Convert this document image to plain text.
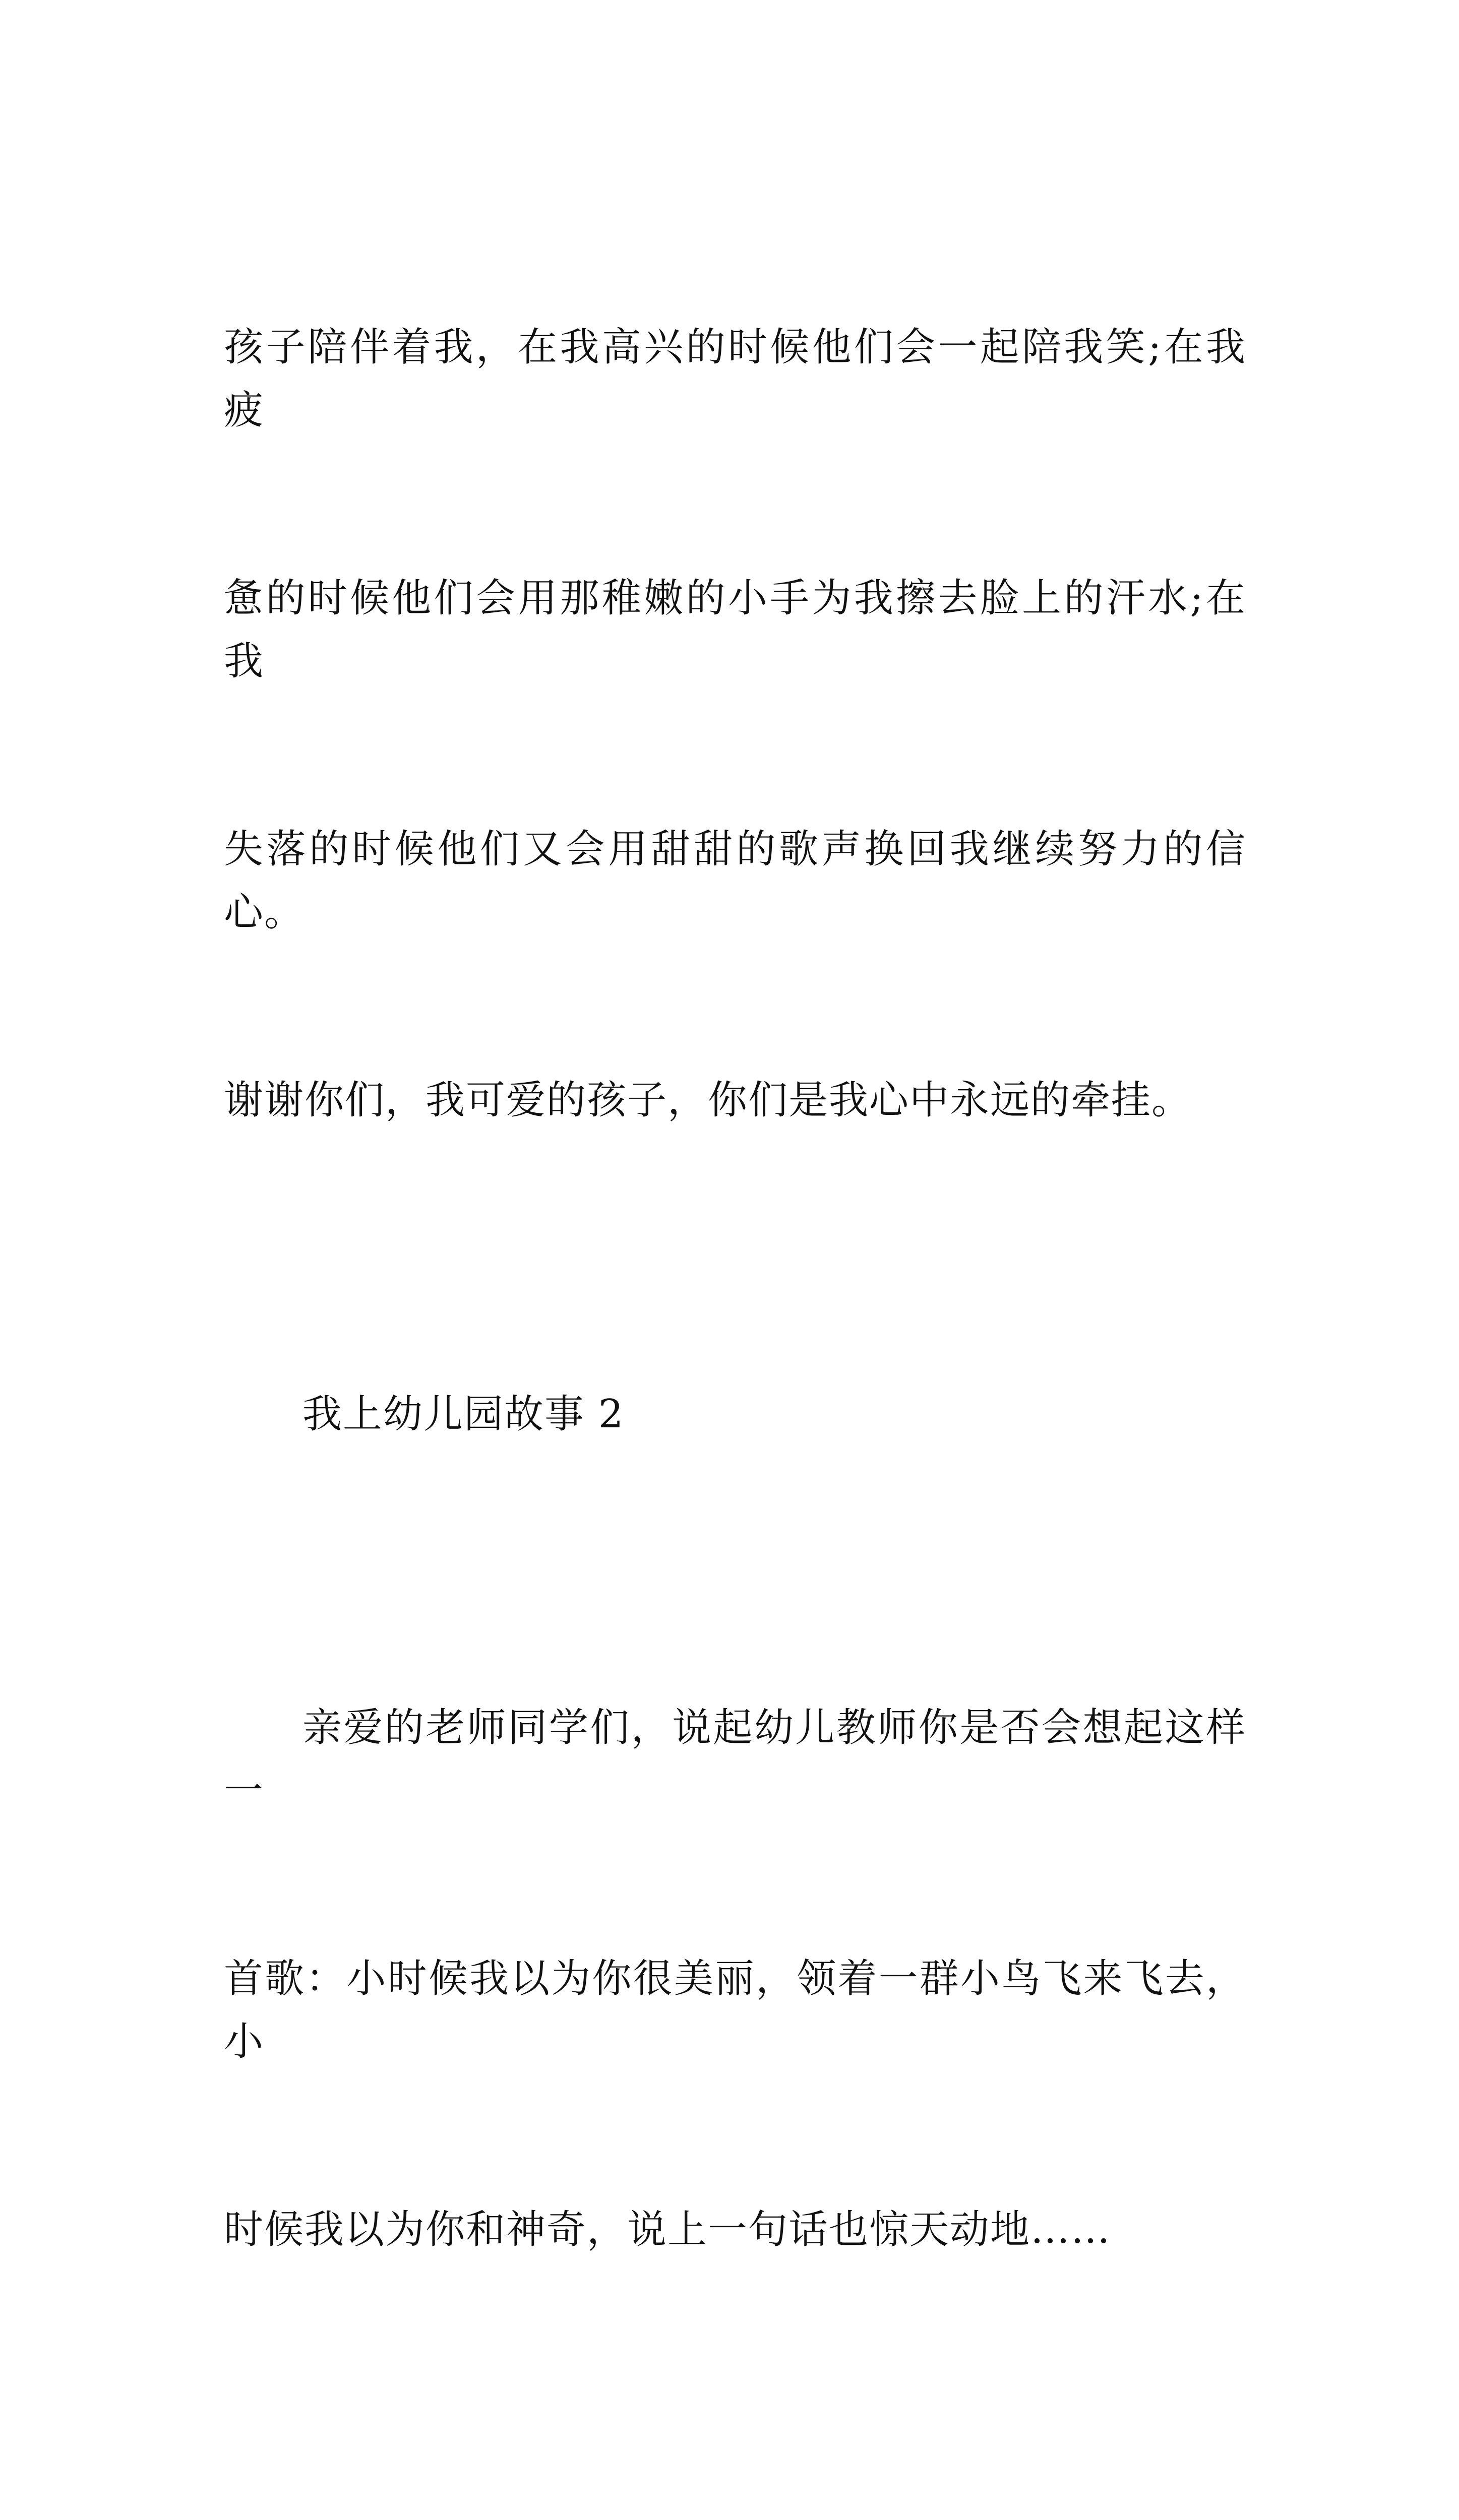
孩子陪伴着我，在我高兴的时候他们会一起陪我笑;在我疲

惫的时候他们会用那稚嫩的小手为我擦去脸上的汗水;在我

失落的时候他们又会用甜甜的歌声换回我继续努力的信心。

谢谢你们，我可爱的孩子，你们是我心中永远的牵挂。

我上幼儿园故事 2

亲爱的老师同学们，说起幼儿教师你是否会想起这样一

首歌：小时候我以为你很美丽，领着一群小鸟飞来飞去，小

时候我以为你和神奇，说上一句话也惊天动地……
